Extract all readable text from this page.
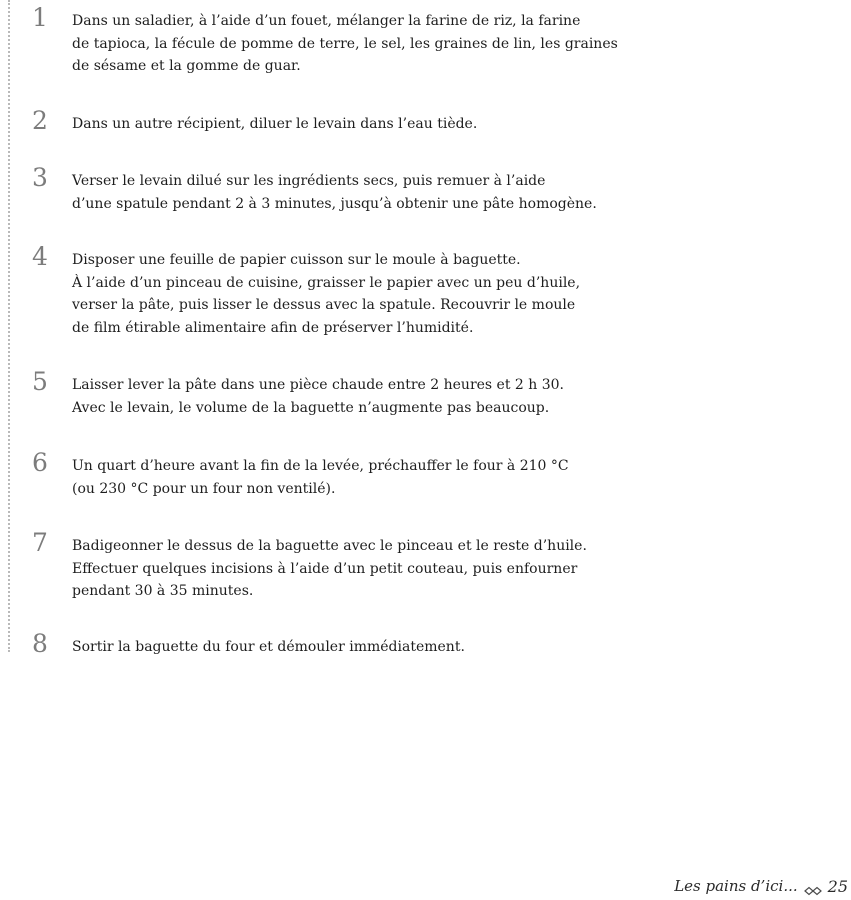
1 Dans un saladier, à l’aide d’un fouet, mélanger la farine de riz, la farine
de tapioca, la fécule de pomme de terre, le sel, les graines de lin, les graines
de sésame et la gomme de guar.

2 Dans un autre récipient, diluer le levain dans l’eau tiède.

3 Verser le levain dilué sur les ingrédients secs, puis remuer à l’aide
d’une spatule pendant 2 à 3 minutes, jusqu’à obtenir une pâte homogène.

4 Disposer une feuille de papier cuisson sur le moule à baguette.
À l’aide d’un pinceau de cuisine, graisser le papier avec un peu d’huile,
verser la pâte, puis lisser le dessus avec la spatule. Recouvrir le moule
de film étirable alimentaire afin de préserver l’humidité.

5 Laisser lever la pâte dans une pièce chaude entre 2 heures et 2 h 30.
Avec le levain, le volume de la baguette n’augmente pas beaucoup.

6 Un quart d’heure avant la fin de la levée, préchauffer le four à 210 °C
(ou 230 °C pour un four non ventilé).

7 Badigeonner le dessus de la baguette avec le pinceau et le reste d’huile.
Effectuer quelques incisions à l’aide d’un petit couteau, puis enfourner
pendant 30 à 35 minutes.

8 Sortir la baguette du four et démouler immédiatement.

Les pains d’ici... 25
